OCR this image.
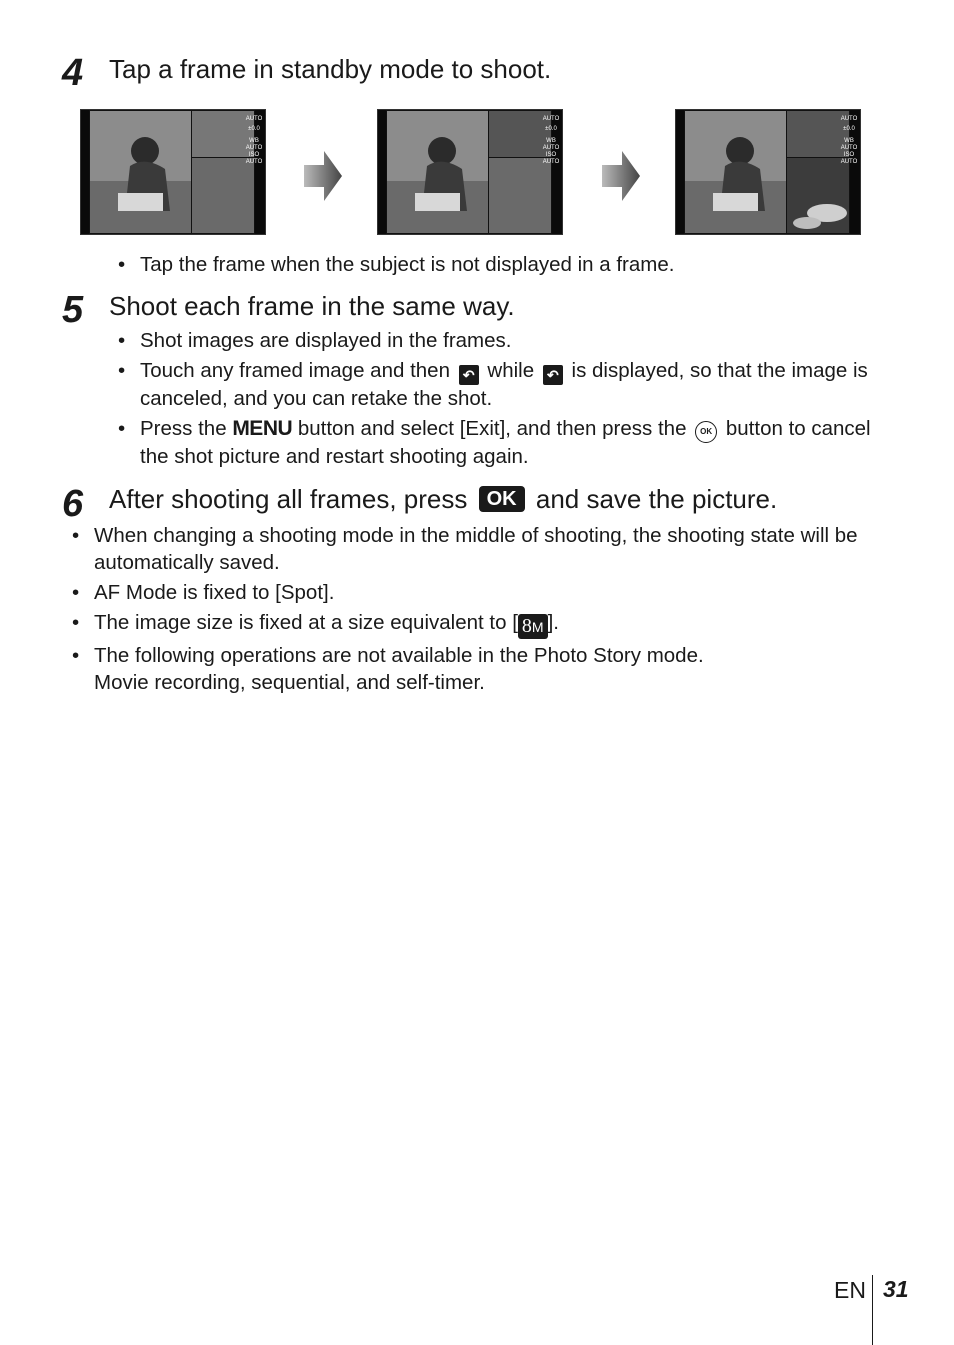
4 Tap a frame in standby mode to shoot.
AUTO
±0.0
WB AUTO
ISO AUTO
AUTO
±0.0
WB AUTO
ISO AUTO
AUTO
±0.0
WB AUTO
ISO AUTO
• Tap the frame when the subject is not displayed in a frame.
5 Shoot each frame in the same way.
• Shot images are displayed in the frames.
• Touch any framed image and then ↶ while ↶ is displayed, so that the image is canceled, and you can retake the shot.
• Press the MENU button and select [Exit], and then press the OK button to cancel the shot picture and restart shooting again.
6 After shooting all frames, press OK and save the picture.
• When changing a shooting mode in the middle of shooting, the shooting state will be automatically saved.
• AF Mode is fixed to [Spot].
• The image size is fixed at a size equivalent to [ 8M ].
• The following operations are not available in the Photo Story mode.
Movie recording, sequential, and self-timer.
EN 31
